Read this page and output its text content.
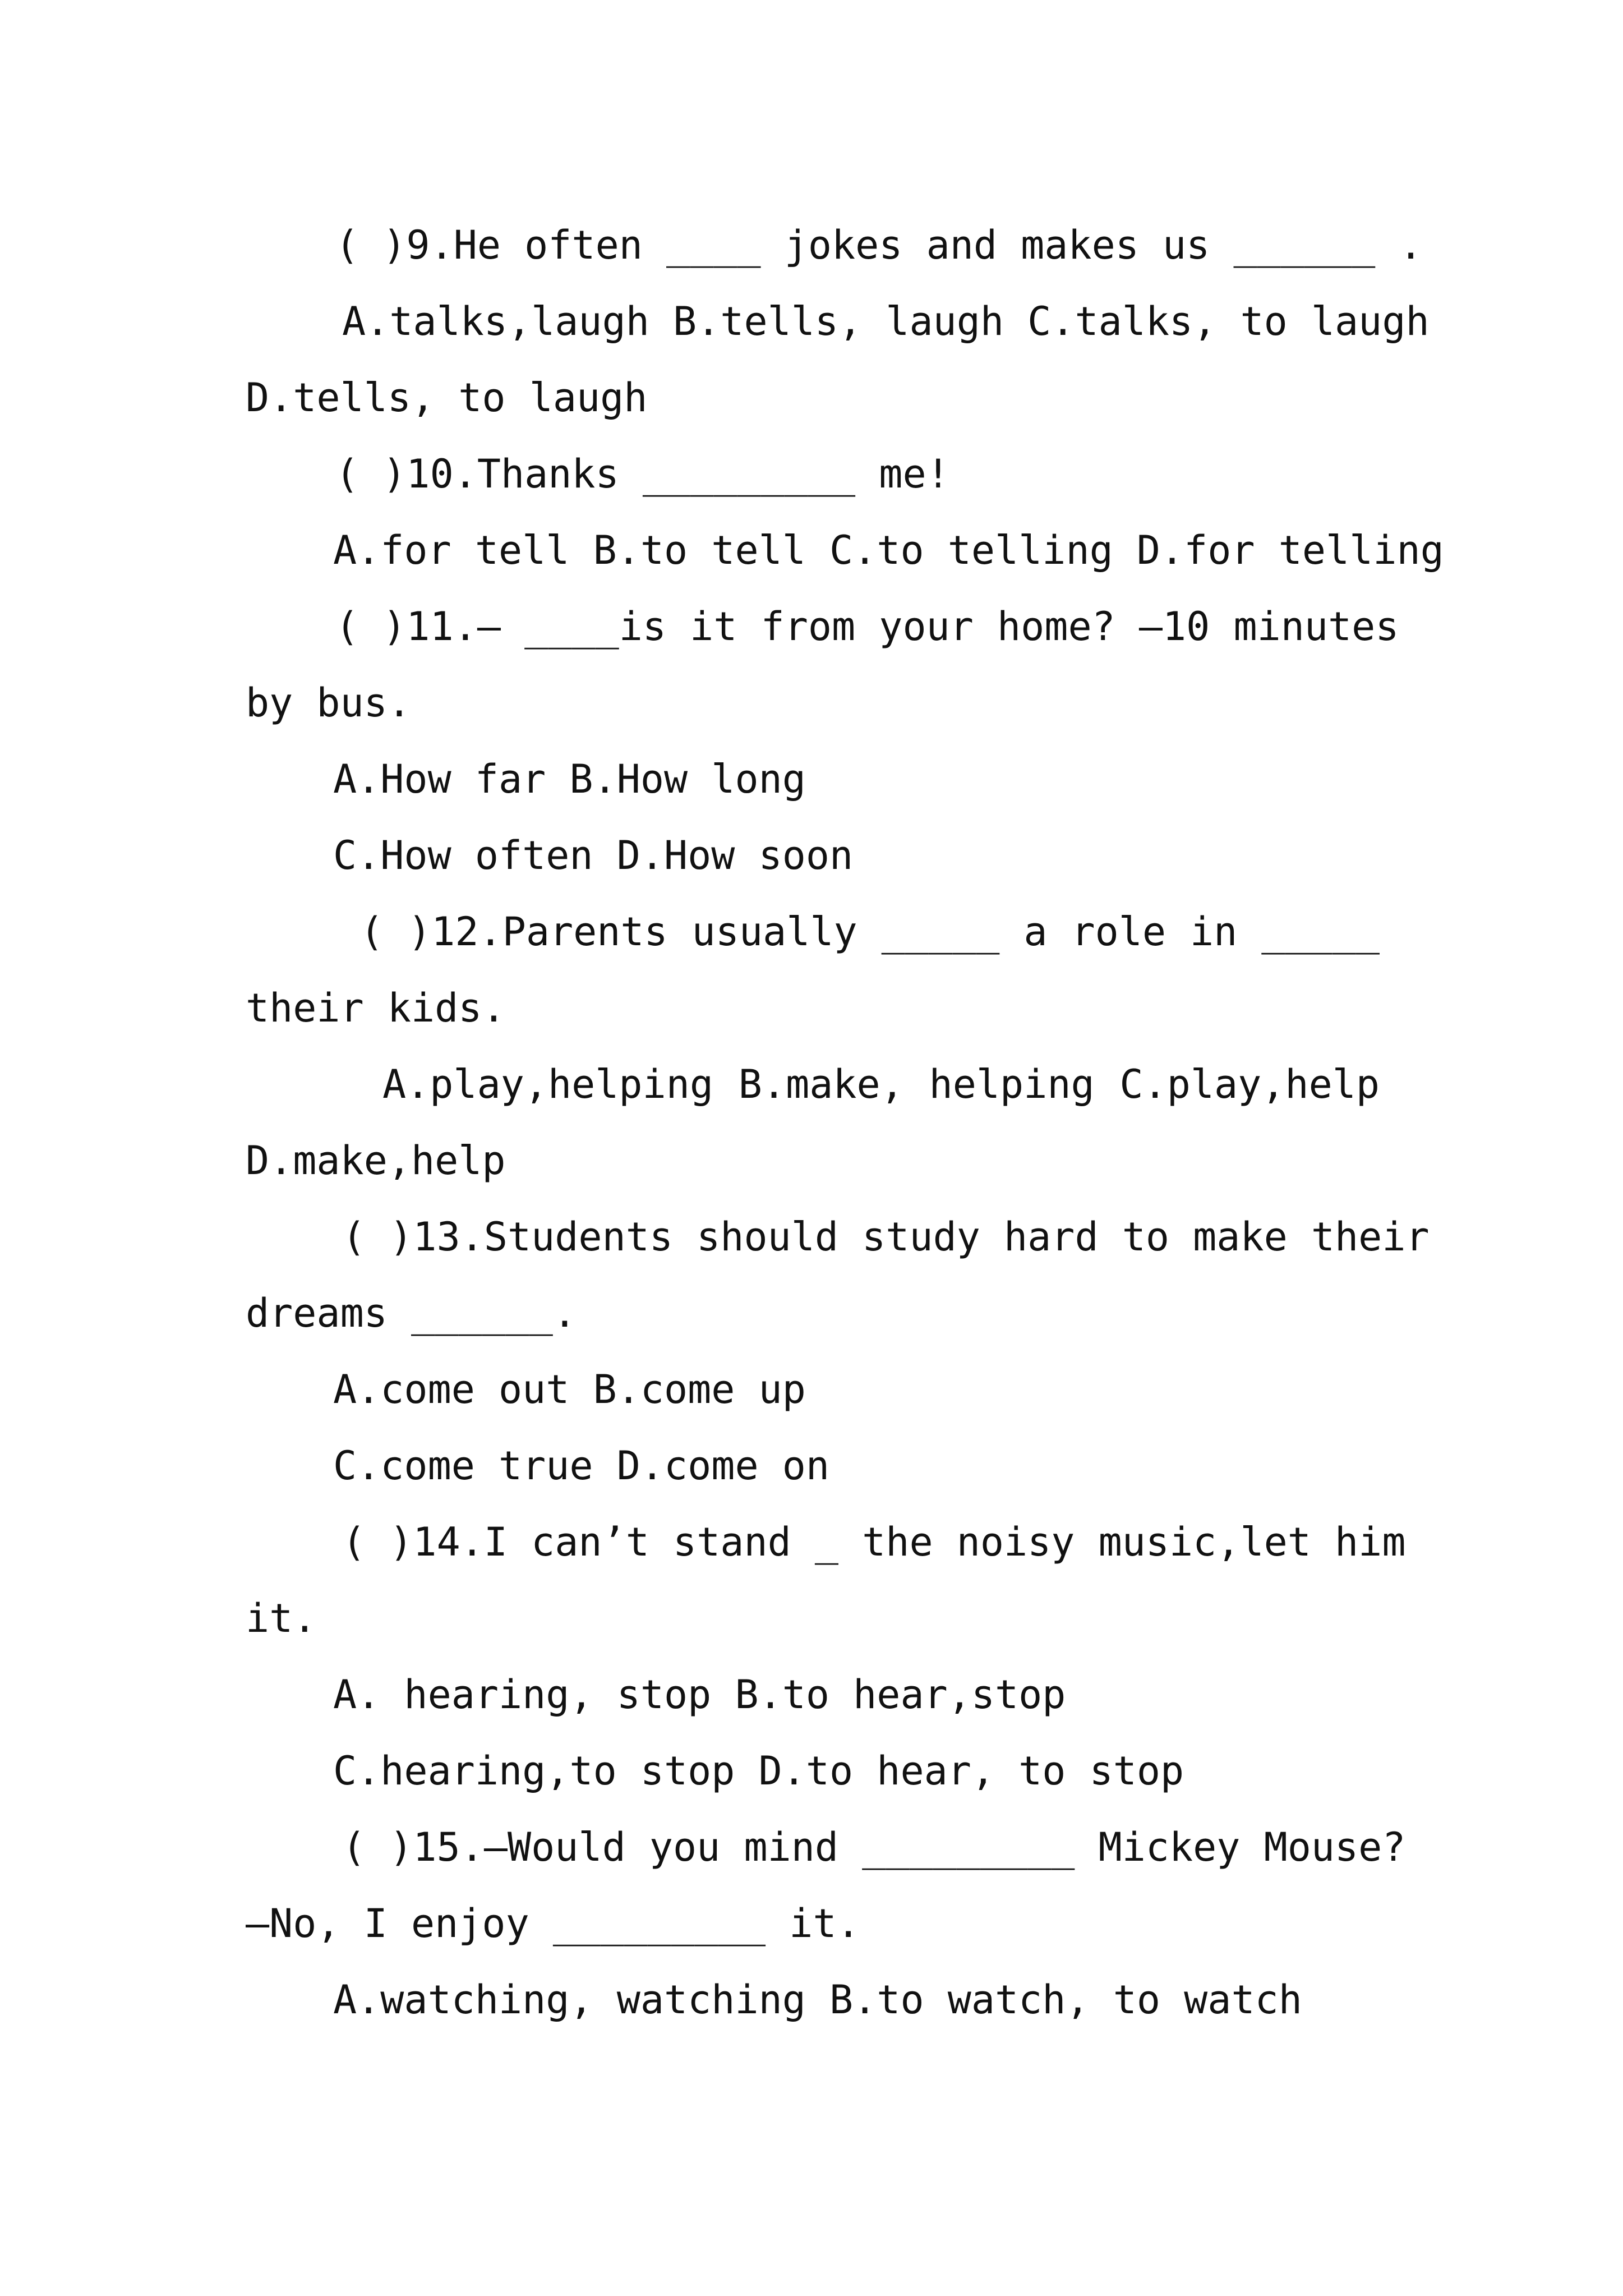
( )9.He often ____ jokes and makes us ______ .
A.talks,laugh B.tells, laugh C.talks, to laugh
D.tells, to laugh
( )10.Thanks _________ me!
A.for tell B.to tell C.to telling D.for telling
( )11.— ____is it from your home? —10 minutes
by bus.
A.How far B.How long
C.How often D.How soon
( )12.Parents usually _____ a role in _____
their kids.
A.play,helping B.make, helping C.play,help
D.make,help
( )13.Students should study hard to make their
dreams ______.
A.come out B.come up
C.come true D.come on
( )14.I can’t stand _ the noisy music,let him
it.
A. hearing, stop B.to hear,stop
C.hearing,to stop D.to hear, to stop
( )15.—Would you mind _________ Mickey Mouse?
—No, I enjoy _________ it.
A.watching, watching B.to watch, to watch
